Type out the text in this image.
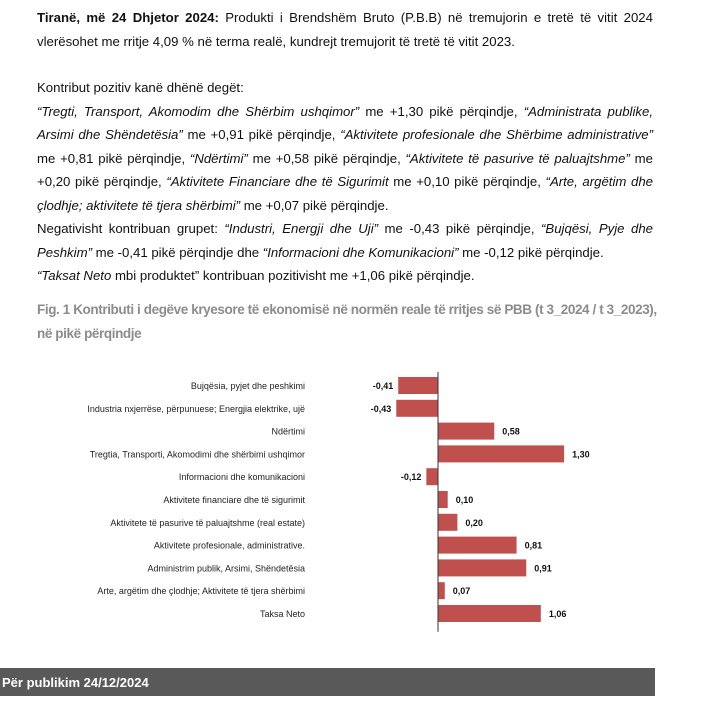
Tiranë, më 24 Dhjetor 2024: Produkti i Brendshëm Bruto (P.B.B) në tremujorin e tretë të vitit 2024 vlerësohet me rritje 4,09 % në terma realë, kundrejt tremujorit të tretë të vitit 2023.

Kontribut pozitiv kanë dhënë degët:

“Tregti, Transport, Akomodim dhe Shërbim ushqimor” me +1,30 pikë përqindje, “Administrata publike, Arsimi dhe Shëndetësia” me +0,91 pikë përqindje, “Aktivitete profesionale dhe Shërbime administrative” me +0,81 pikë përqindje, “Ndërtimi” me +0,58 pikë përqindje, “Aktivitete të pasurive të paluajtshme” me +0,20 pikë përqindje, “Aktivitete Financiare dhe të Sigurimit me +0,10 pikë përqindje, “Arte, argëtim dhe çlodhje; aktivitete të tjera shërbimi” me +0,07 pikë përqindje.

Negativisht kontribuan grupet: “Industri, Energji dhe Uji” me -0,43 pikë përqindje, “Bujqësi, Pyje dhe Peshkim” me -0,41 pikë përqindje dhe “Informacioni dhe Komunikacioni” me -0,12 pikë përqindje.

“Taksat Neto mbi produktet” kontribuan pozitivisht me +1,06 pikë përqindje.

Fig. 1 Kontributi i degëve kryesore të ekonomisë në normën reale të rritjes së PBB (t 3_2024 / t 3_2023), në pikë përqindje
Bujqësia, pyjet dhe peshkimi	-0,41
Industria nxjerrëse, përpunuese; Energjia elektrike, ujë	-0,43
Ndërtimi	0,58
Tregtia, Transporti, Akomodimi dhe shërbimi ushqimor	1,30
Informacioni dhe komunikacioni	-0,12
Aktivitete financiare dhe të sigurimit	0,10
Aktivitete të pasurive të paluajtshme (real estate)	0,20
Aktivitete profesionale, administrative.	0,81
Administrim publik, Arsimi, Shëndetësia	0,91
Arte, argëtim dhe çlodhje; Aktivitete të tjera shërbimi	0,07
Taksa Neto	1,06
Për publikim 24/12/2024
